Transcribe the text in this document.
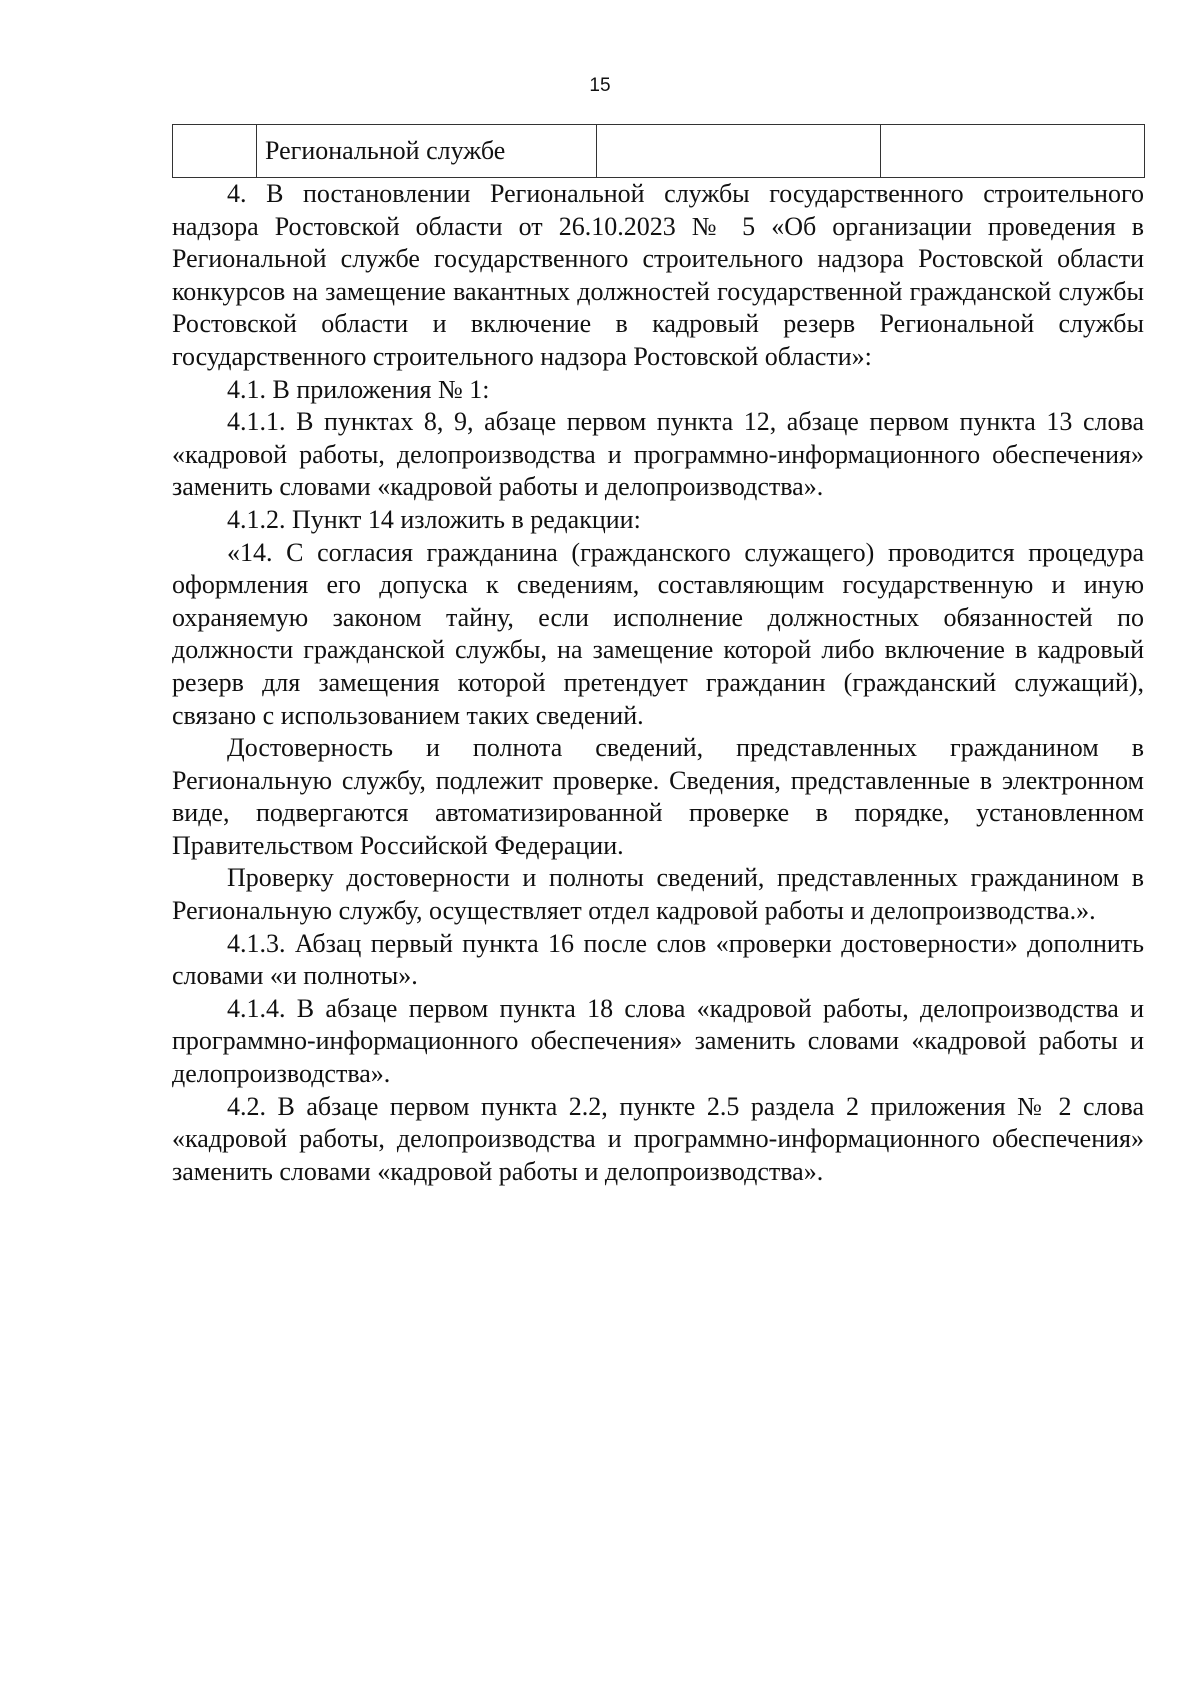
15
	Региональной службе		

4. В постановлении Региональной службы государственного строительного надзора Ростовской области от 26.10.2023 № 5 «Об организации проведения в Региональной службе государственного строительного надзора Ростовской области конкурсов на замещение вакантных должностей государственной гражданской службы Ростовской области и включение в кадровый резерв Региональной службы государственного строительного надзора Ростовской области»:

4.1. В приложения № 1:

4.1.1. В пунктах 8, 9, абзаце первом пункта 12, абзаце первом пункта 13 слова «кадровой работы, делопроизводства и программно-информационного обеспечения» заменить словами «кадровой работы и делопроизводства».

4.1.2. Пункт 14 изложить в редакции:

«14. С согласия гражданина (гражданского служащего) проводится процедура оформления его допуска к сведениям, составляющим государственную и иную охраняемую законом тайну, если исполнение должностных обязанностей по должности гражданской службы, на замещение которой либо включение в кадровый резерв для замещения которой претендует гражданин (гражданский служащий), связано с использованием таких сведений.

Достоверность и полнота сведений, представленных гражданином в Региональную службу, подлежит проверке. Сведения, представленные в электронном виде, подвергаются автоматизированной проверке в порядке, установленном Правительством Российской Федерации.

Проверку достоверности и полноты сведений, представленных гражданином в Региональную службу, осуществляет отдел кадровой работы и делопроизводства.».

4.1.3. Абзац первый пункта 16 после слов «проверки достоверности» дополнить словами «и полноты».

4.1.4. В абзаце первом пункта 18 слова «кадровой работы, делопроизводства и программно-информационного обеспечения» заменить словами «кадровой работы и делопроизводства».

4.2. В абзаце первом пункта 2.2, пункте 2.5 раздела 2 приложения № 2 слова «кадровой работы, делопроизводства и программно-информационного обеспечения» заменить словами «кадровой работы и делопроизводства».
